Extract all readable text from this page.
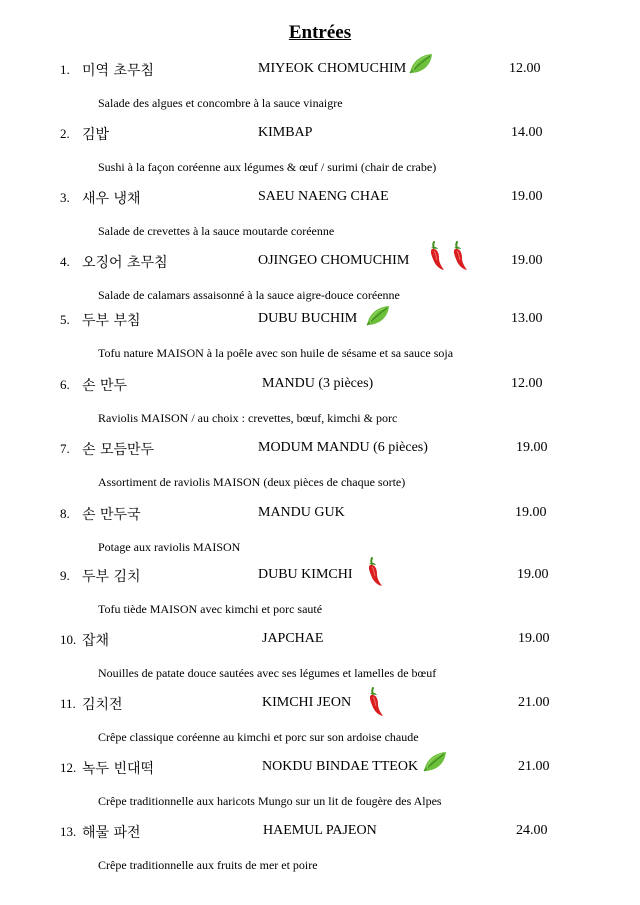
Entrées
1. 미역 초무침	MIYEOK CHOMUCHIM	12.00
Salade des algues et concombre à la sauce vinaigre
2. 김밥	KIMBAP	14.00
Sushi à la façon coréenne aux légumes & œuf / surimi (chair de crabe)
3. 새우 냉채	SAEU NAENG CHAE	19.00
Salade de crevettes à la sauce moutarde coréenne
4. 오징어 초무침	OJINGEO CHOMUCHIM	19.00
Salade de calamars assaisonné à la sauce aigre-douce coréenne
5. 두부 부침	DUBU BUCHIM	13.00
Tofu nature MAISON à la poêle avec son huile de sésame et sa sauce soja
6. 손 만두	MANDU (3 pièces)	12.00
Raviolis MAISON / au choix : crevettes, bœuf, kimchi & porc
7. 손 모듬만두	MODUM MANDU (6 pièces)	19.00
Assortiment de raviolis MAISON (deux pièces de chaque sorte)
8. 손 만두국	MANDU GUK	19.00
Potage aux raviolis MAISON
9. 두부 김치	DUBU KIMCHI	19.00
Tofu tiède MAISON avec kimchi et porc sauté
10. 잡채	JAPCHAE	19.00
Nouilles de patate douce sautées avec ses légumes et lamelles de bœuf
11. 김치전	KIMCHI JEON	21.00
Crêpe classique coréenne au kimchi et porc sur son ardoise chaude
12. 녹두 빈대떡	NOKDU BINDAE TTEOK	21.00
Crêpe traditionnelle aux haricots Mungo sur un lit de fougère des Alpes
13. 해물 파전	HAEMUL PAJEON	24.00
Crêpe traditionnelle aux fruits de mer et poire
